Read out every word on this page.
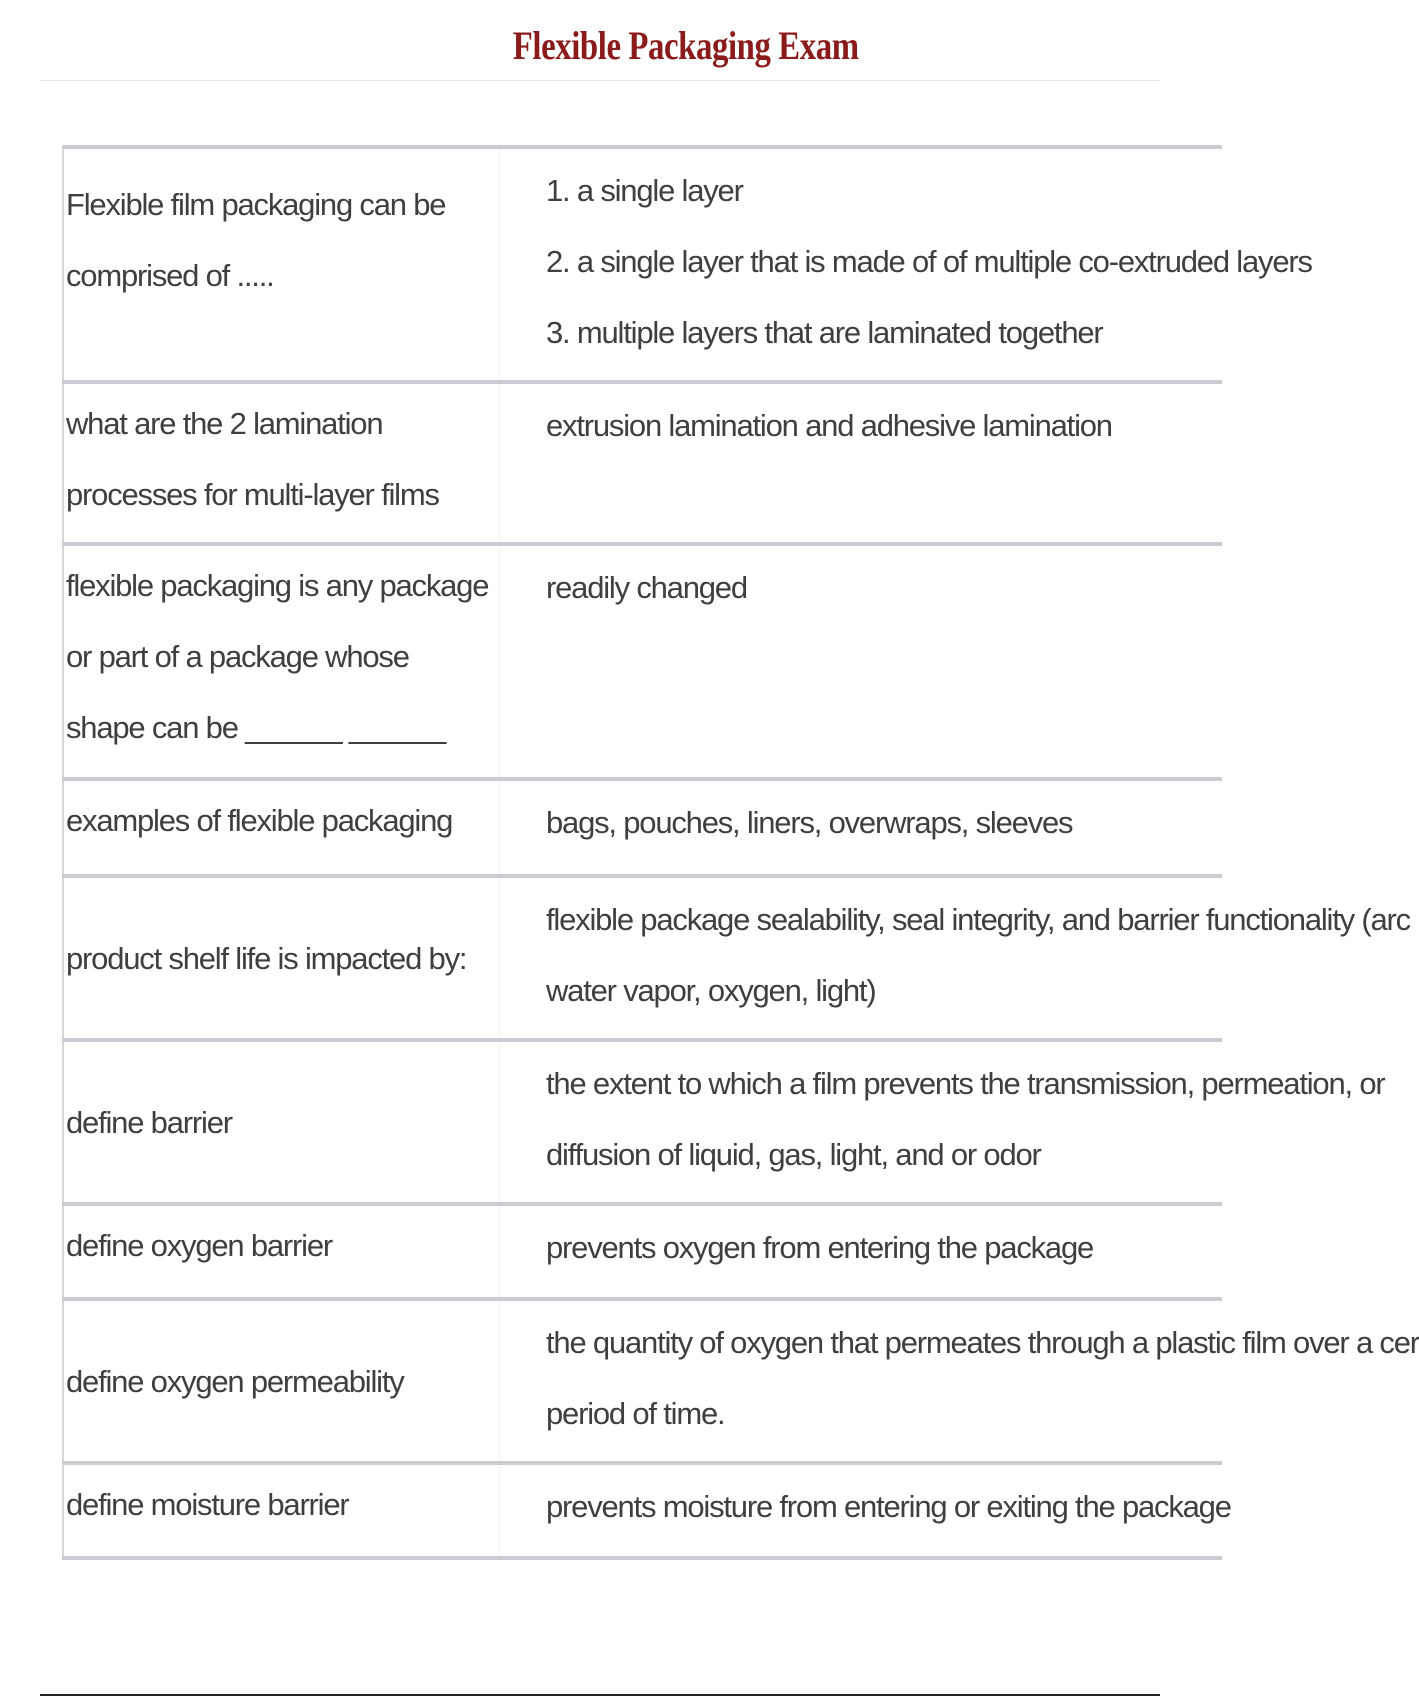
Flexible Packaging Exam
Flexible film packaging can be comprised of .....	1. a single layer
2. a single layer that is made of of multiple co-extruded layers
3. multiple layers that are laminated together

what are the 2 lamination processes for multi-layer films	extrusion lamination and adhesive lamination

flexible packaging is any package or part of a package whose shape can be ______ ______	readily changed

examples of flexible packaging	bags, pouches, liners, overwraps, sleeves

product shelf life is impacted by:	flexible package sealability, seal integrity, and barrier functionality (arc
water vapor, oxygen, light)

define barrier	the extent to which a film prevents the transmission, permeation, or
diffusion of liquid, gas, light, and or odor

define oxygen barrier	prevents oxygen from entering the package

define oxygen permeability	the quantity of oxygen that permeates through a plastic film over a cer
period of time.

define moisture barrier	prevents moisture from entering or exiting the package
